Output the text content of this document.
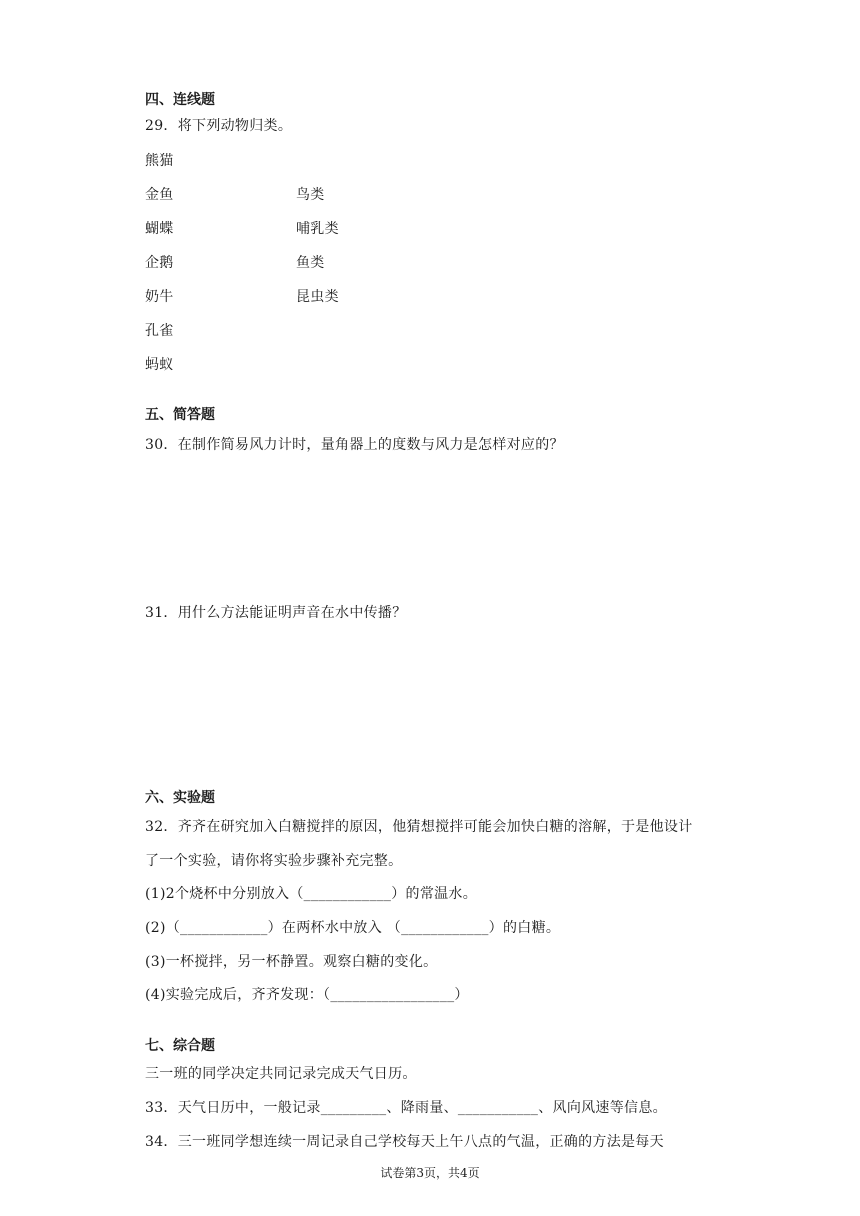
四、连线题
29．将下列动物归类。
熊猫
金鱼
蝴蝶
企鹅
奶牛
孔雀
蚂蚁
鸟类
哺乳类
鱼类
昆虫类
五、简答题
30．在制作简易风力计时，量角器上的度数与风力是怎样对应的？
31．用什么方法能证明声音在水中传播？
六、实验题
32．齐齐在研究加入白糖搅拌的原因，他猜想搅拌可能会加快白糖的溶解，于是他设计
了一个实验，请你将实验步骤补充完整。
(1)2个烧杯中分别放入（____________）的常温水。
(2)（____________）在两杯水中放入 （____________）的白糖。
(3)一杯搅拌，另一杯静置。观察白糖的变化。
(4)实验完成后，齐齐发现：（_________________）
七、综合题
三一班的同学决定共同记录完成天气日历。
33．天气日历中，一般记录_________、降雨量、___________、风向风速等信息。
34．三一班同学想连续一周记录自己学校每天上午八点的气温，正确的方法是每天
试卷第3页，共4页
